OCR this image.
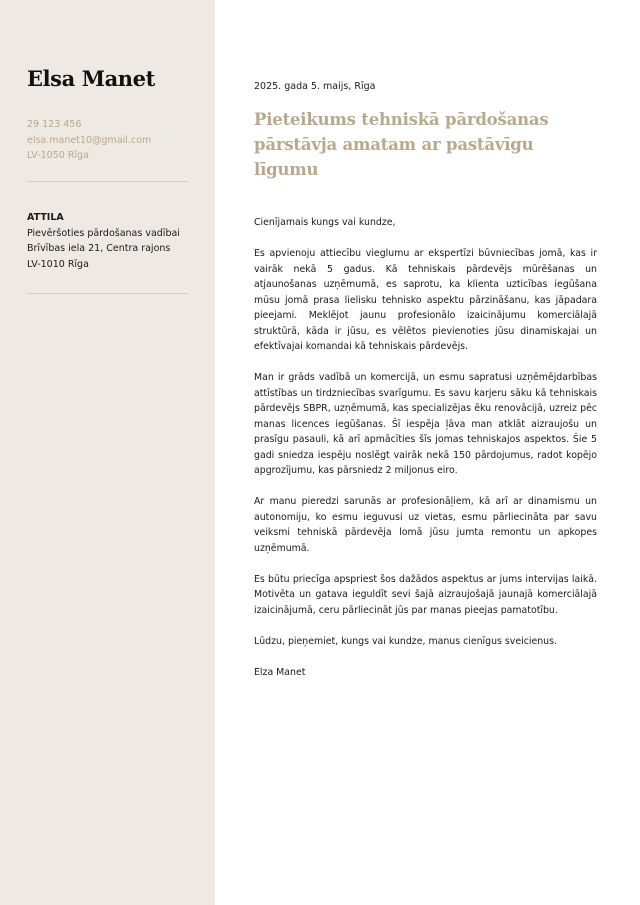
Elsa Manet
29 123 456
elsa.manet10@gmail.com
LV-1050 Rīga
ATTILA
Pievēršoties pārdošanas vadībai
Brīvības iela 21, Centra rajons
LV-1010 Rīga
2025. gada 5. maijs, Rīga
Pieteikums tehniskā pārdošanas pārstāvja amatam ar pastāvīgu līgumu

Cienījamais kungs vai kundze,

Es apvienoju attiecību vieglumu ar ekspertīzi būvniecības jomā, kas ir vairāk nekā 5 gadus. Kā tehniskais pārdevējs mūrēšanas un atjaunošanas uzņēmumā, es saprotu, ka klienta uzticības iegūšana mūsu jomā prasa lielisku tehnisko aspektu pārzināšanu, kas jāpadara pieejami. Meklējot jaunu profesionālo izaicinājumu komerciālajā struktūrā, kāda ir jūsu, es vēlētos pievienoties jūsu dinamiskajai un efektīvajai komandai kā tehniskais pārdevējs.

Man ir grāds vadībā un komercijā, un esmu sapratusi uzņēmējdarbības attīstības un tirdzniecības svarīgumu. Es savu karjeru sāku kā tehniskais pārdevējs SBPR, uzņēmumā, kas specializējas ēku renovācijā, uzreiz pēc manas licences iegūšanas. Šī iespēja ļāva man atklāt aizraujošu un prasīgu pasauli, kā arī apmācīties šīs jomas tehniskajos aspektos. Šie 5 gadi sniedza iespēju noslēgt vairāk nekā 150 pārdojumus, radot kopējo apgrozījumu, kas pārsniedz 2 miljonus eiro.

Ar manu pieredzi sarunās ar profesionāļiem, kā arī ar dinamismu un autonomiju, ko esmu ieguvusi uz vietas, esmu pārliecināta par savu veiksmi tehniskā pārdevēja lomā jūsu jumta remontu un apkopes uzņēmumā.

Es būtu priecīga apspriest šos dažādos aspektus ar jums intervijas laikā. Motivēta un gatava ieguldīt sevi šajā aizraujošajā jaunajā komerciālajā izaicinājumā, ceru pārliecināt jūs par manas pieejas pamatotību.

Lūdzu, pieņemiet, kungs vai kundze, manus cienīgus sveicienus.

Elza Manet
